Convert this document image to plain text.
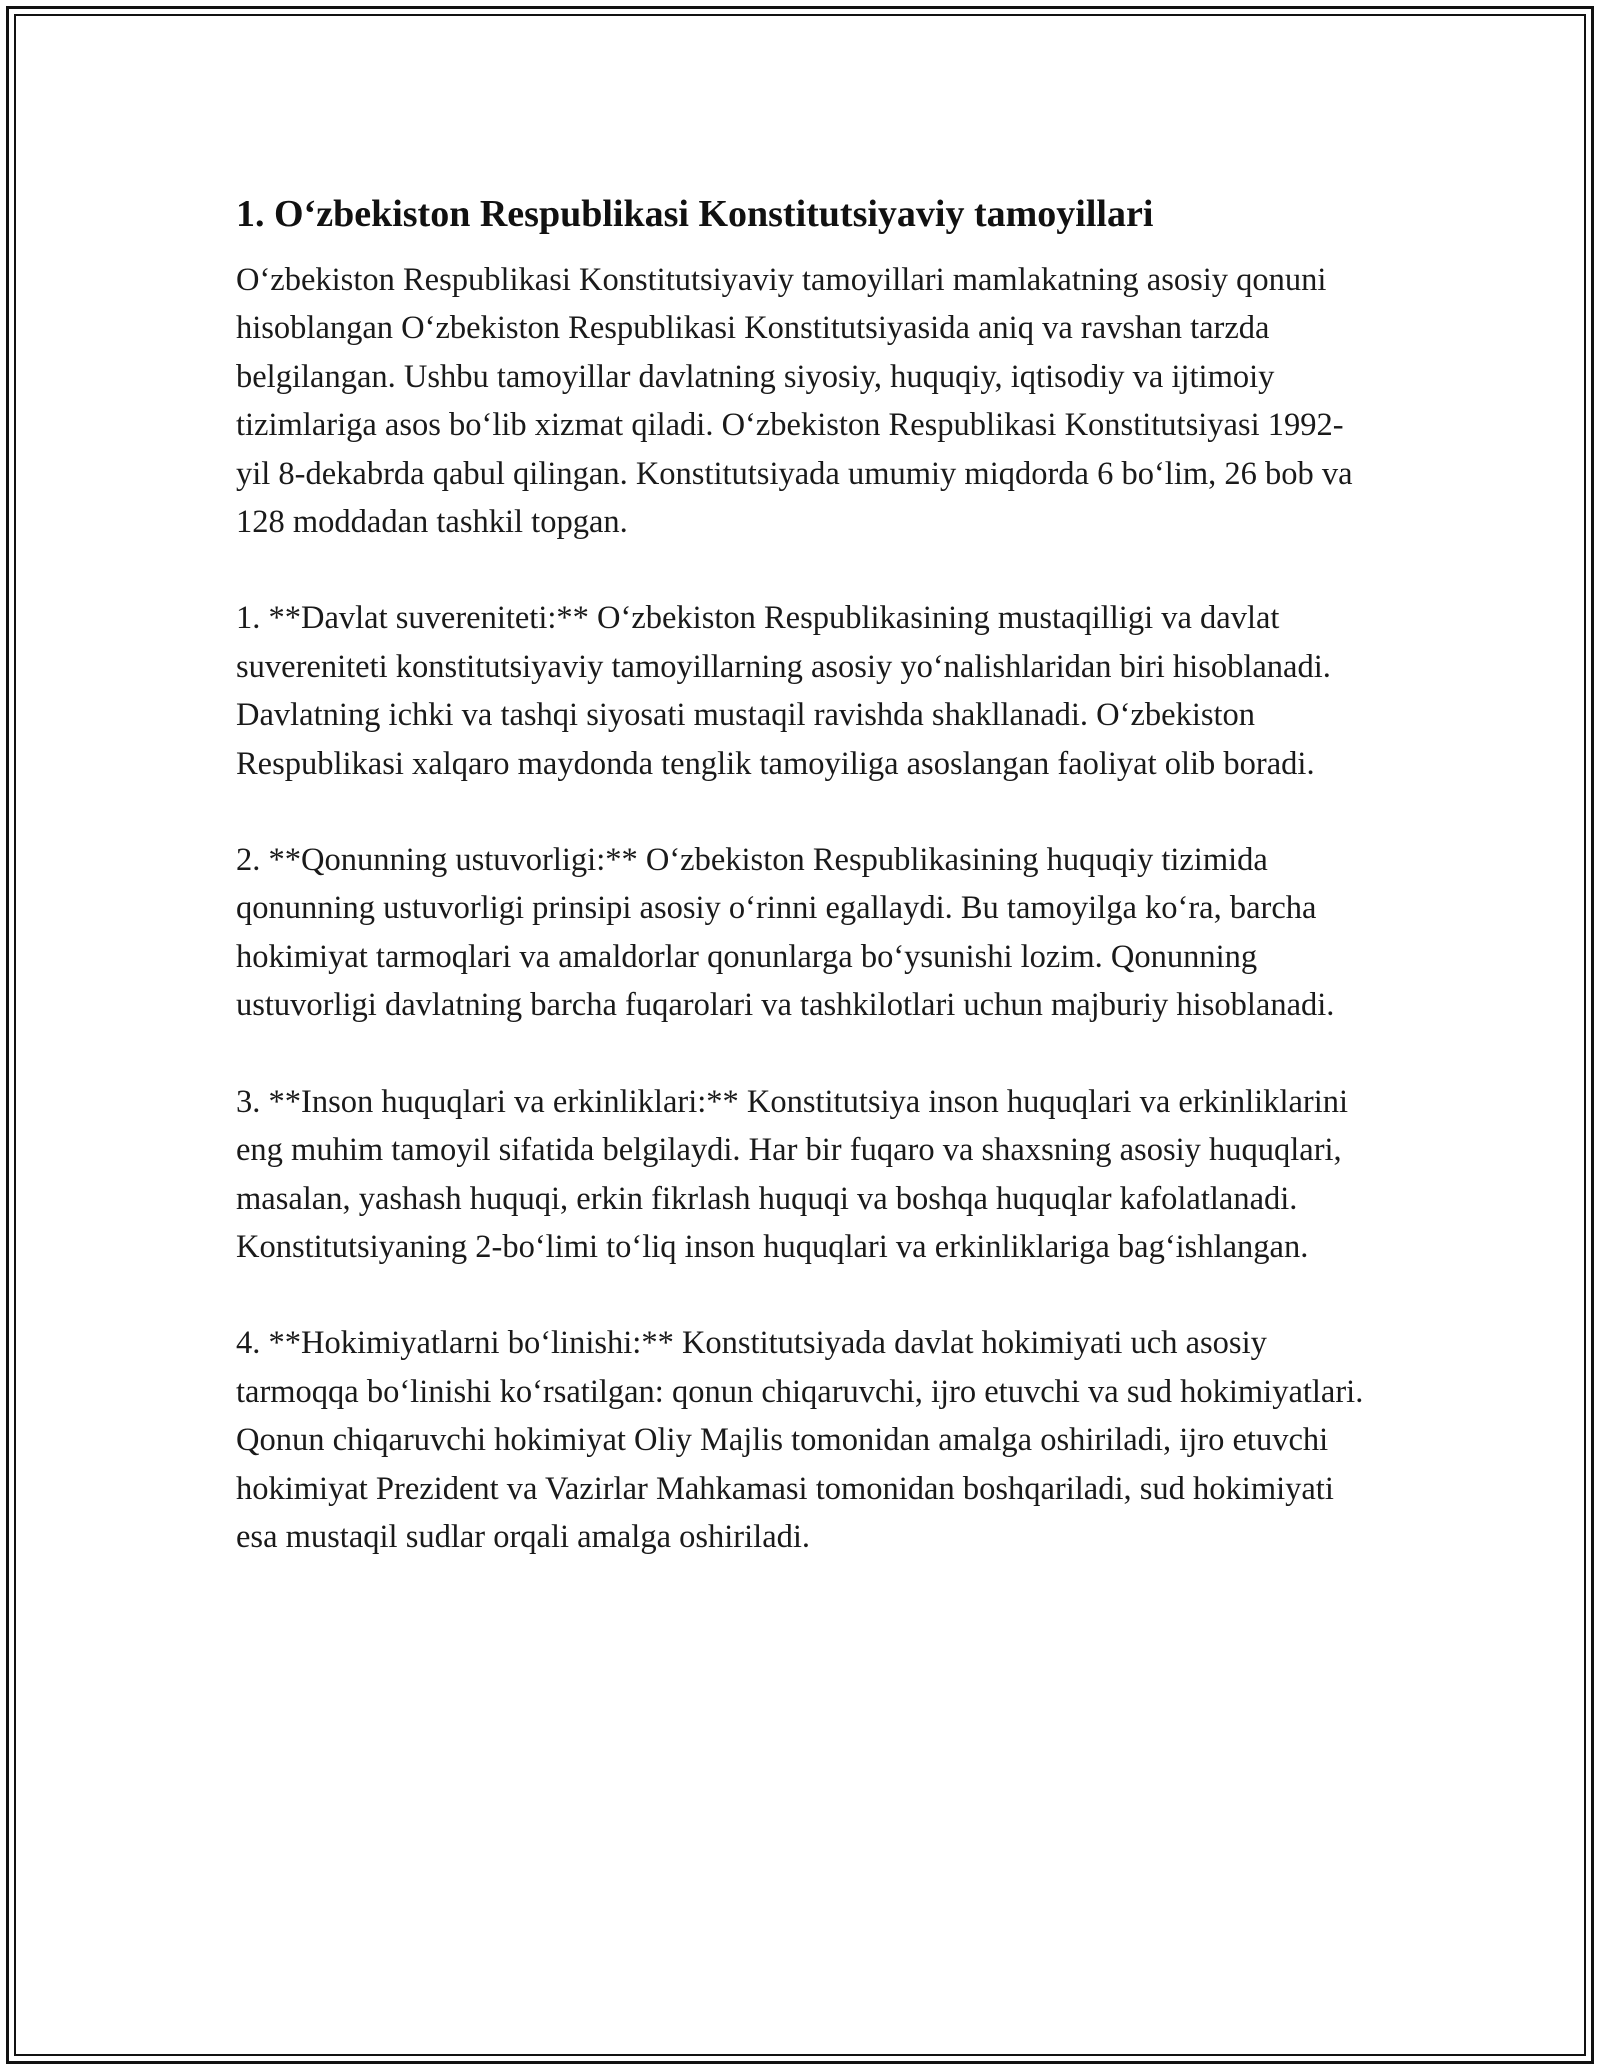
1. O‘zbekiston Respublikasi Konstitutsiyaviy tamoyillari

O‘zbekiston Respublikasi Konstitutsiyaviy tamoyillari mamlakatning asosiy qonuni hisoblangan O‘zbekiston Respublikasi Konstitutsiyasida aniq va ravshan tarzda belgilangan. Ushbu tamoyillar davlatning siyosiy, huquqiy, iqtisodiy va ijtimoiy tizimlariga asos bo‘lib xizmat qiladi. O‘zbekiston Respublikasi Konstitutsiyasi 1992-yil 8-dekabrda qabul qilingan. Konstitutsiyada umumiy miqdorda 6 bo‘lim, 26 bob va 128 moddadan tashkil topgan.

1. **Davlat suvereniteti:** O‘zbekiston Respublikasining mustaqilligi va davlat suvereniteti konstitutsiyaviy tamoyillarning asosiy yo‘nalishlaridan biri hisoblanadi. Davlatning ichki va tashqi siyosati mustaqil ravishda shakllanadi. O‘zbekiston Respublikasi xalqaro maydonda tenglik tamoyiliga asoslangan faoliyat olib boradi.

2. **Qonunning ustuvorligi:** O‘zbekiston Respublikasining huquqiy tizimida qonunning ustuvorligi prinsipi asosiy o‘rinni egallaydi. Bu tamoyilga ko‘ra, barcha hokimiyat tarmoqlari va amaldorlar qonunlarga bo‘ysunishi lozim. Qonunning ustuvorligi davlatning barcha fuqarolari va tashkilotlari uchun majburiy hisoblanadi.

3. **Inson huquqlari va erkinliklari:** Konstitutsiya inson huquqlari va erkinliklarini eng muhim tamoyil sifatida belgilaydi. Har bir fuqaro va shaxsning asosiy huquqlari, masalan, yashash huquqi, erkin fikrlash huquqi va boshqa huquqlar kafolatlanadi. Konstitutsiyaning 2-bo‘limi to‘liq inson huquqlari va erkinliklariga bag‘ishlangan.

4. **Hokimiyatlarni bo‘linishi:** Konstitutsiyada davlat hokimiyati uch asosiy tarmoqqa bo‘linishi ko‘rsatilgan: qonun chiqaruvchi, ijro etuvchi va sud hokimiyatlari. Qonun chiqaruvchi hokimiyat Oliy Majlis tomonidan amalga oshiriladi, ijro etuvchi hokimiyat Prezident va Vazirlar Mahkamasi tomonidan boshqariladi, sud hokimiyati esa mustaqil sudlar orqali amalga oshiriladi.
